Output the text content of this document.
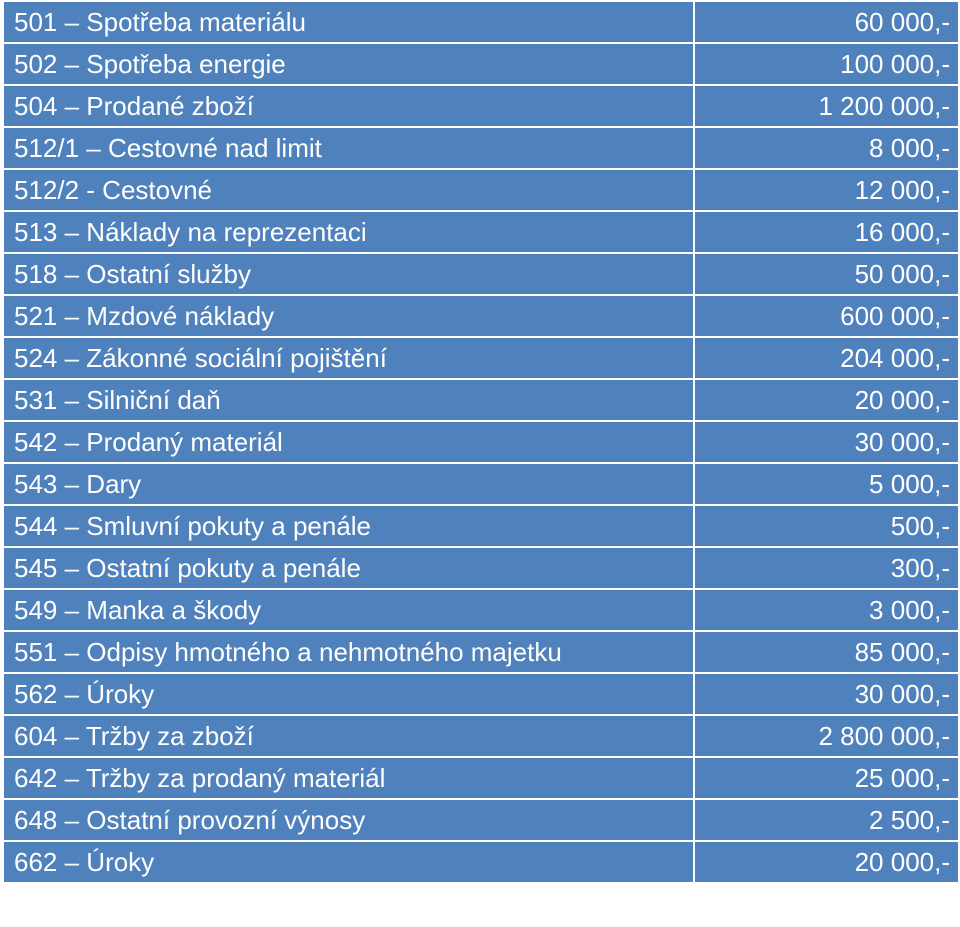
501 – Spotřeba materiálu	60 000,-
502 – Spotřeba energie	100 000,-
504 – Prodané zboží	1 200 000,-
512/1 – Cestovné nad limit	8 000,-
512/2 - Cestovné	12 000,-
513 – Náklady na reprezentaci	16 000,-
518 – Ostatní služby	50 000,-
521 – Mzdové náklady	600 000,-
524 – Zákonné sociální pojištění	204 000,-
531 – Silniční daň	20 000,-
542 – Prodaný materiál	30 000,-
543 – Dary	5 000,-
544 – Smluvní pokuty a penále	500,-
545 – Ostatní pokuty a penále	300,-
549 – Manka a škody	3 000,-
551 – Odpisy hmotného a nehmotného majetku	85 000,-
562 – Úroky	30 000,-
604 – Tržby za zboží	2 800 000,-
642 – Tržby za prodaný materiál	25 000,-
648 – Ostatní provozní výnosy	2 500,-
662 – Úroky	20 000,-
